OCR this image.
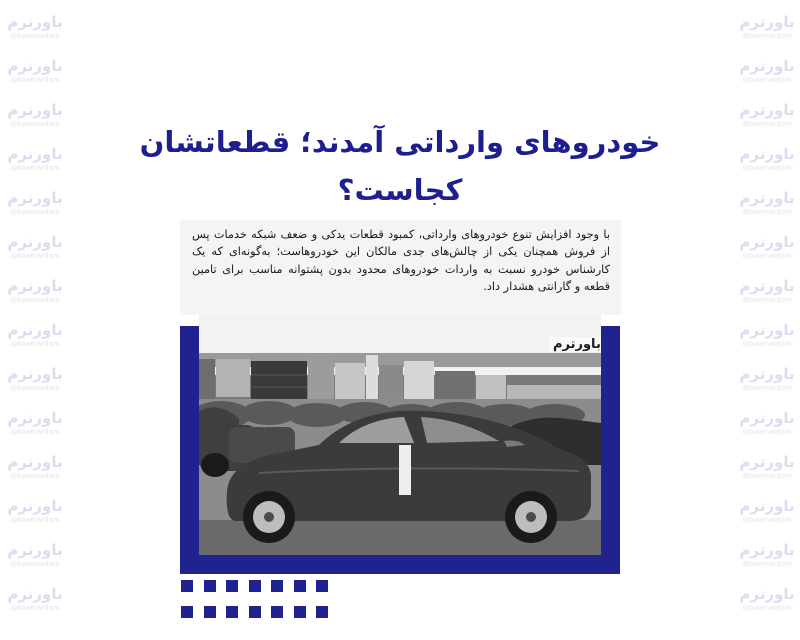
باورترم
@baamardom
باورترم
@baamardom
باورترم
@baamardom
باورترم
@baamardom
باورترم
@baamardom
باورترم
@baamardom
باورترم
@baamardom
باورترم
@baamardom
باورترم
@baamardom
باورترم
@baamardom
باورترم
@baamardom
باورترم
@baamardom
باورترم
@baamardom
باورترم
@baamardom
باورترم
@baamardom
باورترم
@baamardom
باورترم
@baamardom
باورترم
@baamardom
باورترم
@baamardom
باورترم
@baamardom
باورترم
@baamardom
باورترم
@baamardom
باورترم
@baamardom
باورترم
@baamardom
باورترم
@baamardom
باورترم
@baamardom
باورترم
@baamardom
باورترم
@baamardom
خودروهای وارداتی آمدند؛ قطعاتشان
کجاست؟

با وجود افزایش تنوع خودروهای وارداتی، کمبود قطعات یدکی و ضعف شبکه خدمات پس از فروش همچنان یکی از چالش‌های جدی مالکان این خودروهاست؛ به‌گونه‌ای که یک کارشناس خودرو نسبت به واردات خودروهای محدود بدون پشتوانه مناسب برای تامین قطعه و گارانتی هشدار داد.

باورترم
